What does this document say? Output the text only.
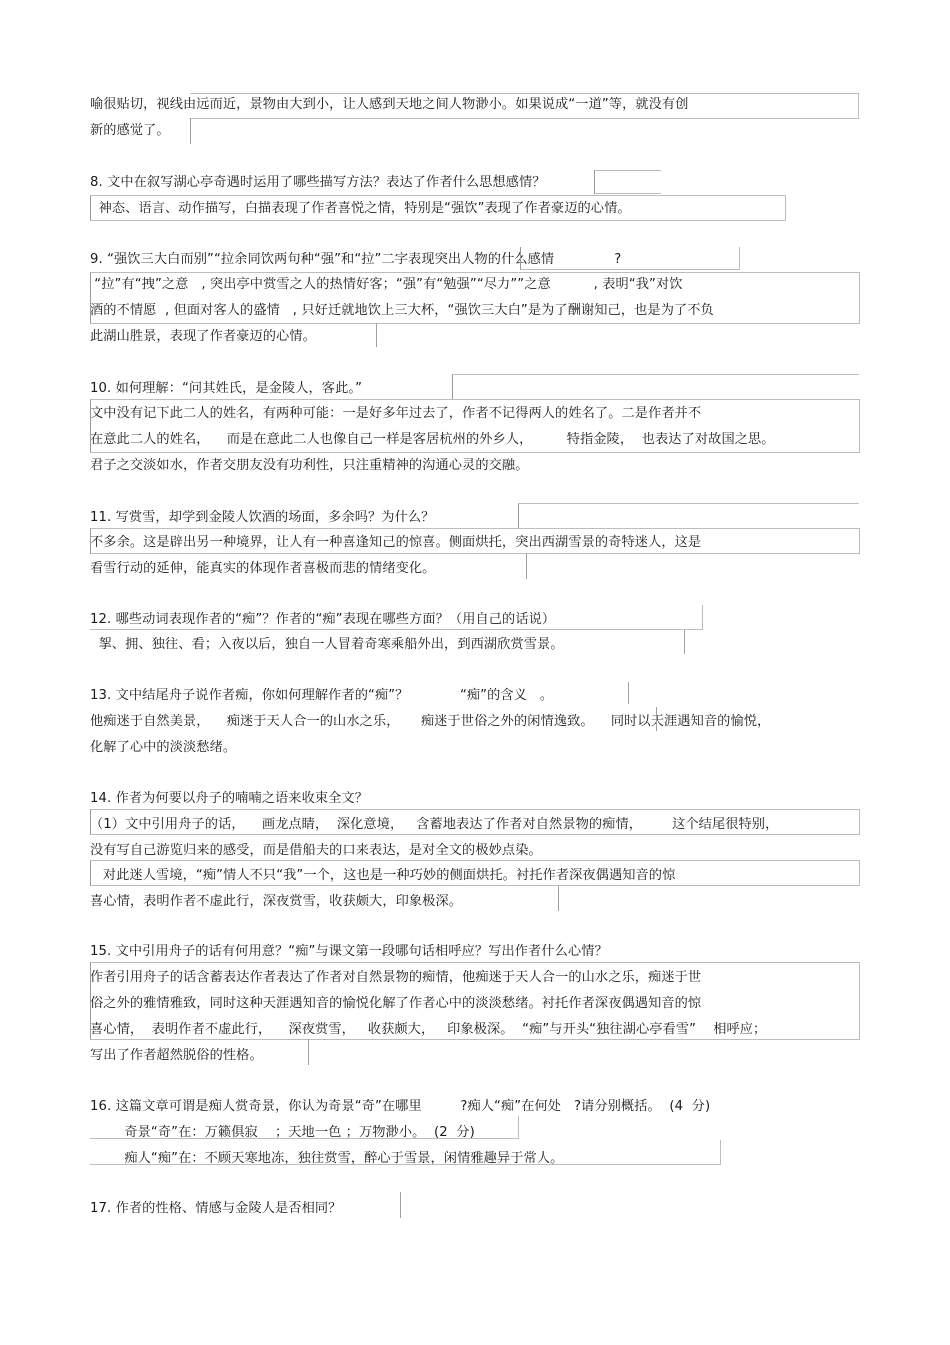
喻很贴切，视线由远而近，景物由大到小，让人感到天地之间人物渺小。如果说成“一道”等，就没有创
新的感觉了。
8. 文中在叙写湖心亭奇遇时运用了哪些描写方法？表达了作者什么思想感情？
神态、语言、动作描写，白描表现了作者喜悦之情，特别是“强饮”表现了作者豪迈的心情。
9. “强饮三大白而别”“拉余同饮两句种“强”和“拉”二字表现突出人物的什么感情              ?
“拉”有“拽”之意   , 突出亭中赏雪之人的热情好客；“强”有“勉强”“尽力””之意          , 表明“我”对饮
酒的不情愿  , 但面对客人的盛情   , 只好迁就地饮上三大杯，“强饮三大白”是为了酬谢知己，也是为了不负
此湖山胜景，表现了作者豪迈的心情。
10. 如何理解：“问其姓氏，是金陵人，客此。”
文中没有记下此二人的姓名，有两种可能：一是好多年过去了，作者不记得两人的姓名了。二是作者并不
在意此二人的姓名，    而是在意此二人也像自己一样是客居杭州的外乡人，        特指金陵，  也表达了对故国之思。
君子之交淡如水，作者交朋友没有功利性，只注重精神的沟通心灵的交融。
11. 写赏雪，却学到金陵人饮酒的场面，多余吗？为什么？
不多余。这是辟出另一种境界，让人有一种喜逢知己的惊喜。侧面烘托，突出西湖雪景的奇特迷人，这是
看雪行动的延伸，能真实的体现作者喜极而悲的情绪变化。
12. 哪些动词表现作者的“痴”？作者的“痴”表现在哪些方面？（用自己的话说）
挐、拥、独往、看；入夜以后，独自一人冒着奇寒乘船外出，到西湖欣赏雪景。
13. 文中结尾舟子说作者痴，你如何理解作者的“痴”？            “痴”的含义   。
他痴迷于自然美景，    痴迷于天人合一的山水之乐，     痴迷于世俗之外的闲情逸致。    同时以天涯遇知音的愉悦，
化解了心中的淡淡愁绪。
14. 作者为何要以舟子的喃喃之语来收束全文？
（1）文中引用舟子的话，    画龙点睛，  深化意境，   含蓄地表达了作者对自然景物的痴情，       这个结尾很特别，
没有写自己游览归来的感受，而是借船夫的口来表达，是对全文的极妙点染。
对此迷人雪境，“痴”情人不只“我”一个，这也是一种巧妙的侧面烘托。衬托作者深夜偶遇知音的惊
喜心情，表明作者不虚此行，深夜赏雪，收获颇大，印象极深。
15. 文中引用舟子的话有何用意？“痴”与课文第一段哪句话相呼应？写出作者什么心情？
作者引用舟子的话含蓄表达作者表达了作者对自然景物的痴情，他痴迷于天人合一的山水之乐，痴迷于世
俗之外的雅情雅致，同时这种天涯遇知音的愉悦化解了作者心中的淡淡愁绪。衬托作者深夜偶遇知音的惊
喜心情，  表明作者不虚此行，    深夜赏雪，   收获颇大，   印象极深。  “痴”与开头“独往湖心亭看雪”    相呼应；
写出了作者超然脱俗的性格。
16. 这篇文章可谓是痴人赏奇景，你认为奇景“奇”在哪里         ?痴人“痴”在何处   ?请分别概括。  (4  分)
奇景“奇”在：万籁俱寂    ；天地一色 ；万物渺小。  (2  分)
痴人“痴”在：不顾天寒地冻，独往赏雪，醉心于雪景，闲情雅趣异于常人。
17. 作者的性格、情感与金陵人是否相同？
